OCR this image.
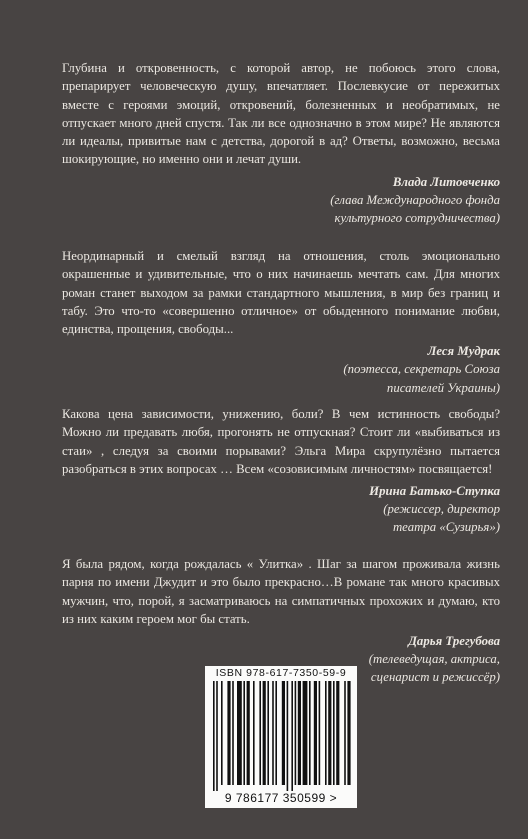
Глубина и откровенность, с которой автор, не побоюсь этого слова, препарирует человеческую душу, впечатляет. Послевкусие от пережитых вместе с героями эмоций, откровений, болезненных и необратимых, не отпускает много дней спустя. Так ли все однозначно в этом мире? Не являются ли идеалы, привитые нам с детства, дорогой в ад? Ответы, возможно, весьма шокирующие, но именно они и лечат души.

Влада Литовченко
(глава Международного фонда
культурного сотрудничества)

Неординарный и смелый взгляд на отношения, столь эмоционально окрашенные и удивительные, что о них начинаешь мечтать сам. Для многих роман станет выходом за рамки стандартного мышления, в мир без границ и табу. Это что-то «совершенно отличное» от обыденного понимание любви, единства, прощения, свободы...

Леся Мудрак
(поэтесса, секретарь Союза
писателей Украины)

Какова цена зависимости, унижению, боли? В чем истинность свободы? Можно ли предавать любя, прогонять не отпускная? Стоит ли «выбиваться из стаи» , следуя за своими порывами? Эльга Мира скрупулёзно пытается разобраться в этих вопросах … Всем «созовисимым личностям» посвящается!

Ирина Батько-Ступка
(режиссер, директор
театра «Сузирья»)

Я была рядом, когда рождалась « Улитка» . Шаг за шагом проживала жизнь парня по имени Джудит и это было прекрасно…В романе так много красивых мужчин, что, порой, я засматриваюсь на симпатичных прохожих и думаю, кто из них каким героем мог бы стать.

Дарья Трегубова
(телеведущая, актриса,
сценарист и режиссёр)
ISBN 978-617-7350-59-9
9 786177 350599 >
